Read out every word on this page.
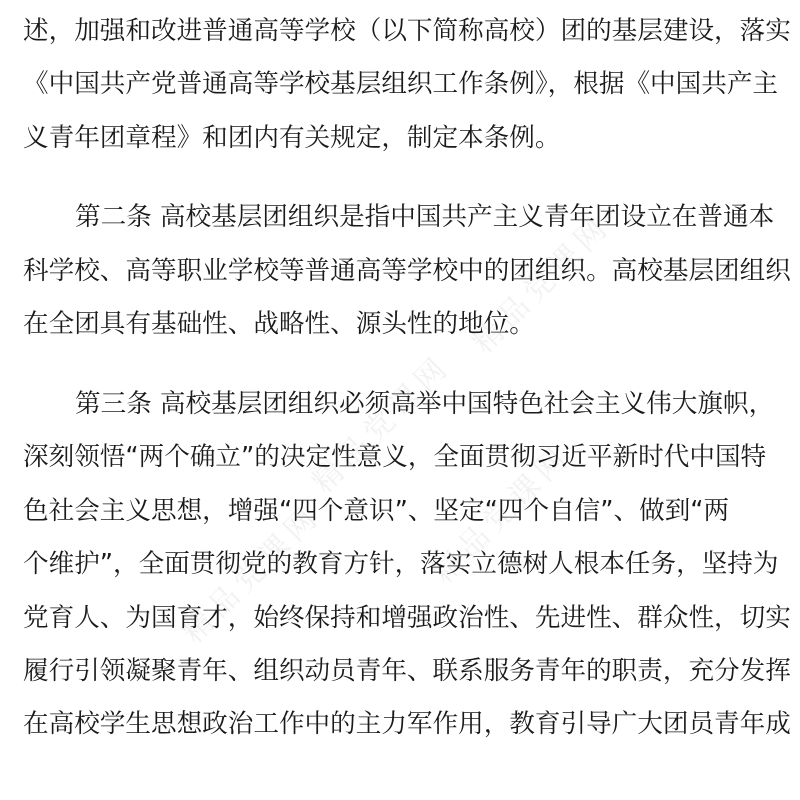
精品党课网	精品党课网
精品党课网
精品党课网
述，加强和改进普通高等学校（以下简称高校）团的基层建设，落实
《中国共产党普通高等学校基层组织工作条例》，根据《中国共产主
义青年团章程》和团内有关规定，制定本条例。
第二条 高校基层团组织是指中国共产主义青年团设立在普通本
科学校、高等职业学校等普通高等学校中的团组织。高校基层团组织
在全团具有基础性、战略性、源头性的地位。
第三条 高校基层团组织必须高举中国特色社会主义伟大旗帜，
深刻领悟“两个确立”的决定性意义，全面贯彻习近平新时代中国特
色社会主义思想，增强“四个意识”、坚定“四个自信”、做到“两
个维护”，全面贯彻党的教育方针，落实立德树人根本任务，坚持为
党育人、为国育才，始终保持和增强政治性、先进性、群众性，切实
履行引领凝聚青年、组织动员青年、联系服务青年的职责，充分发挥
在高校学生思想政治工作中的主力军作用，教育引导广大团员青年成
